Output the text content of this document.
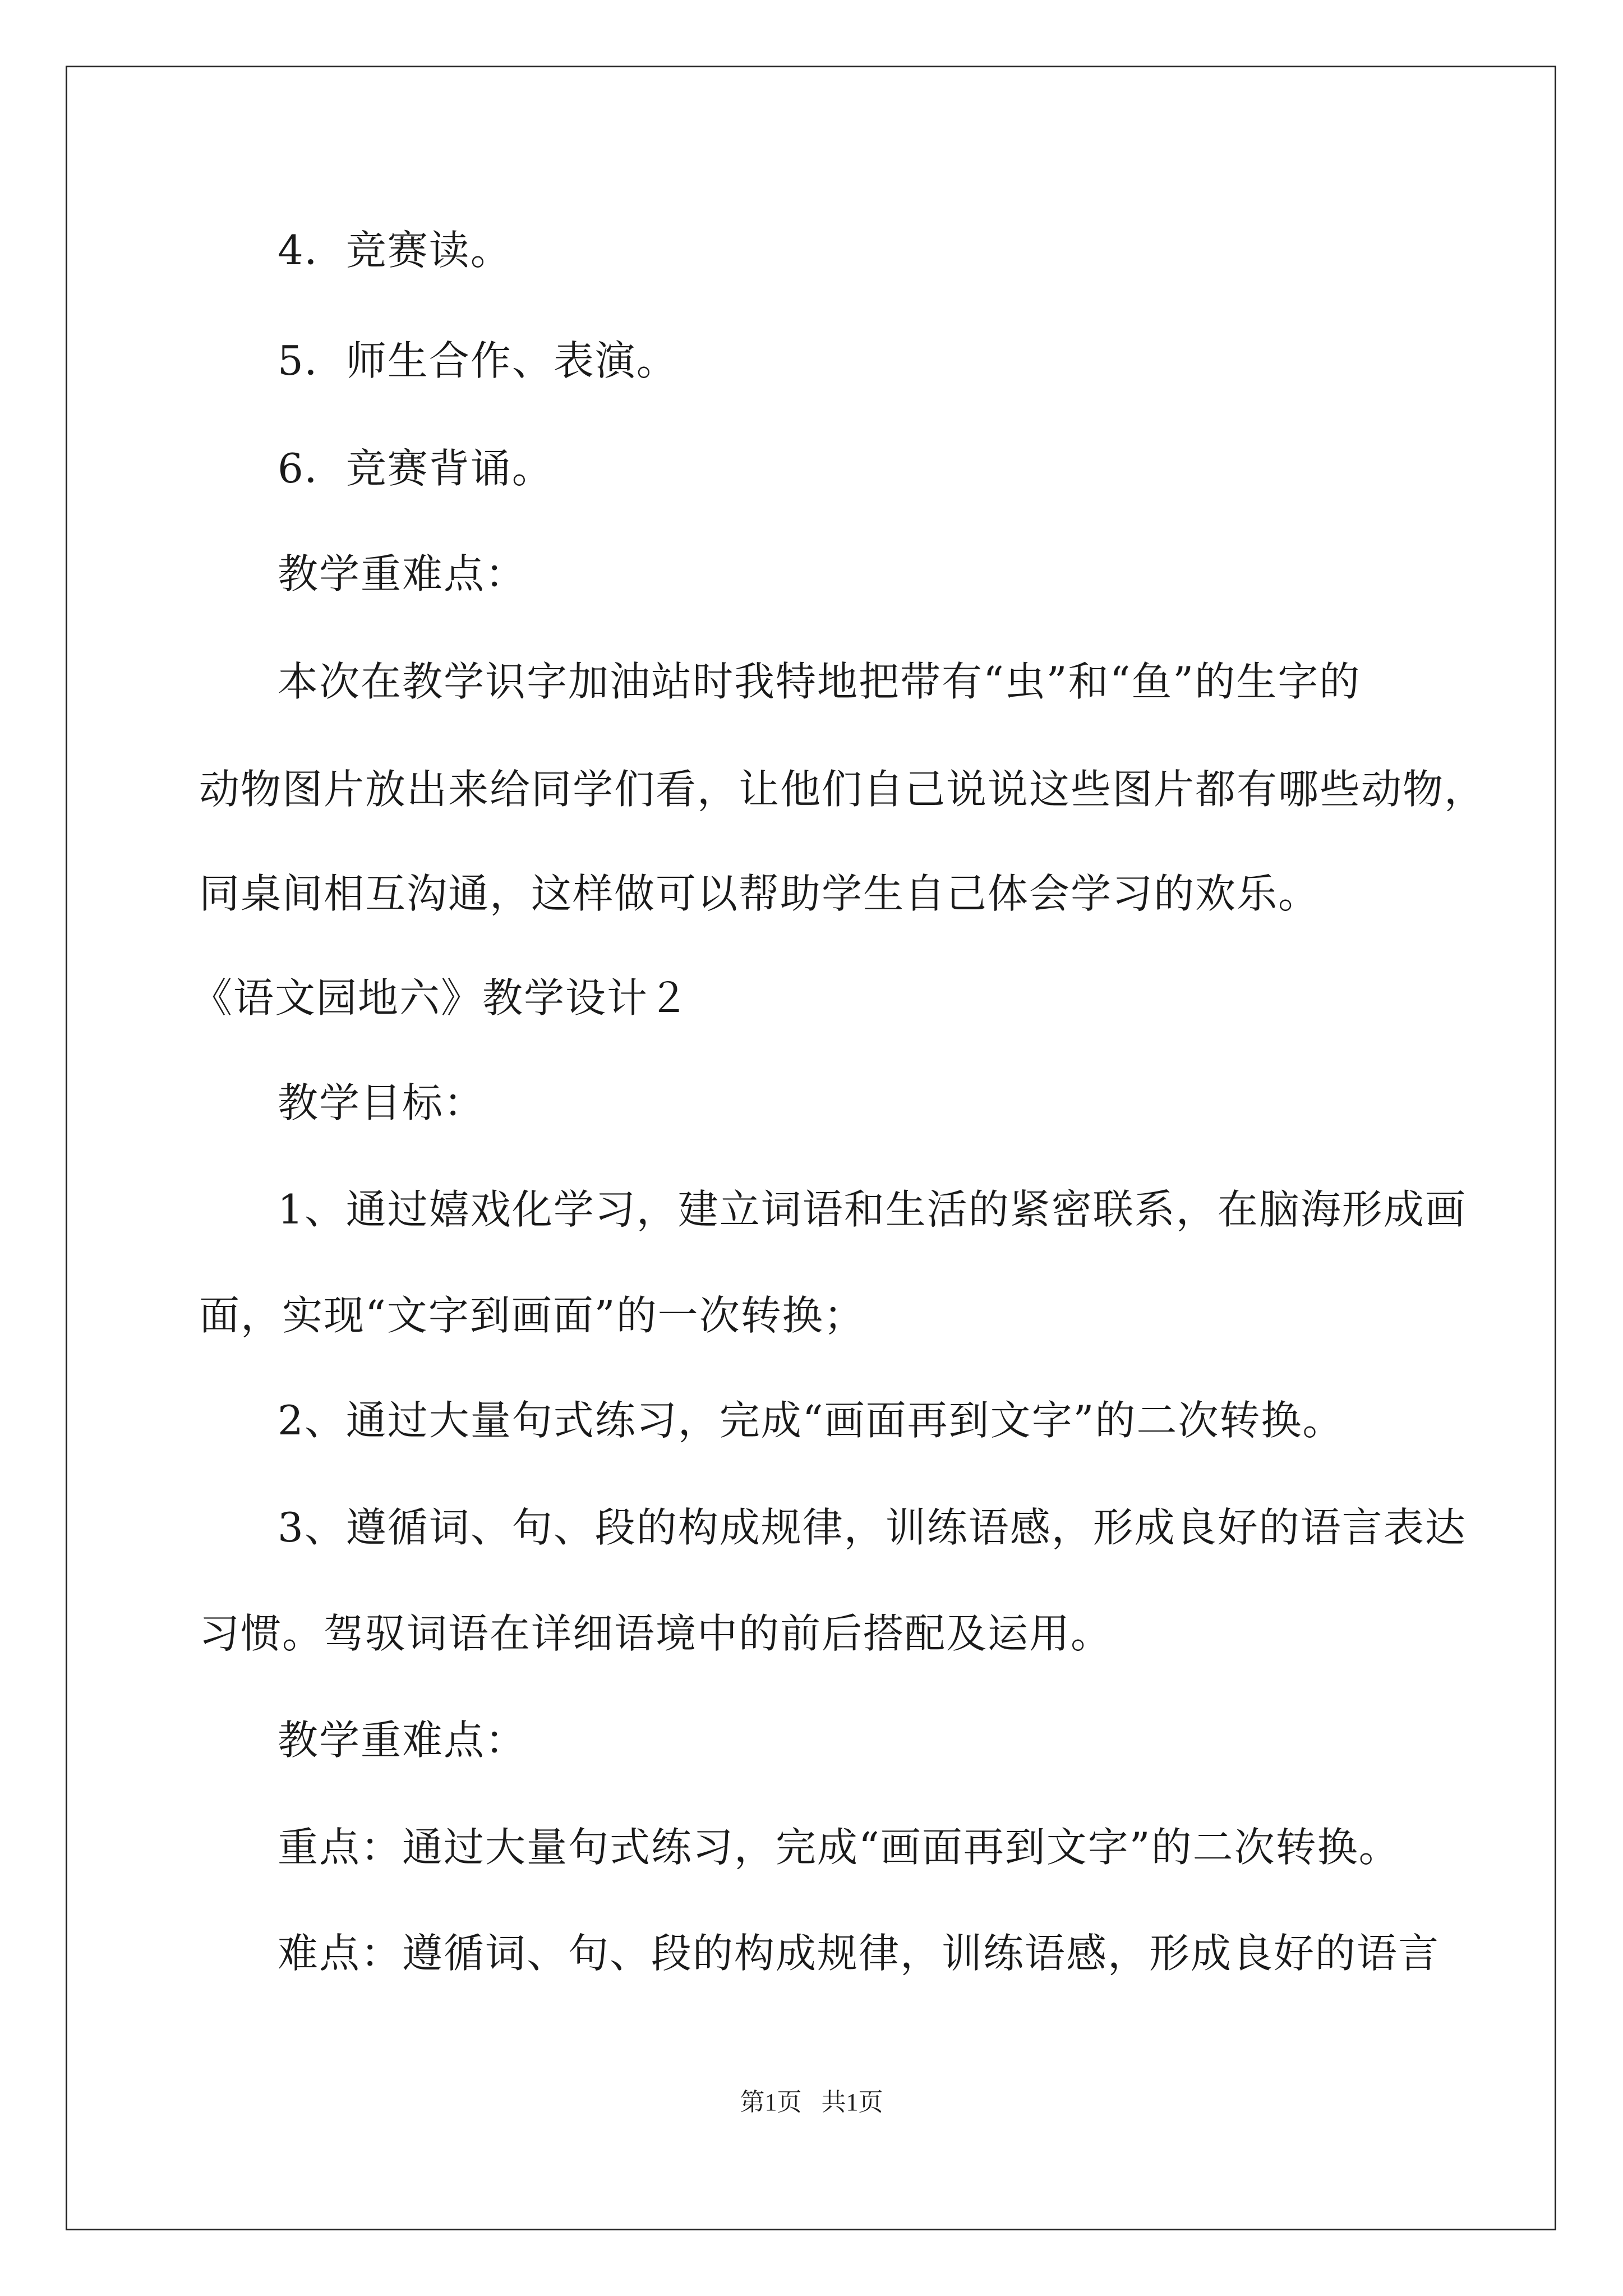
4．竞赛读。
5．师生合作、表演。
6．竞赛背诵。
教学重难点：
本次在教学识字加油站时我特地把带有“虫”和“鱼”的生字的
动物图片放出来给同学们看，让他们自己说说这些图片都有哪些动物，
同桌间相互沟通，这样做可以帮助学生自己体会学习的欢乐。
《语文园地六》教学设计２
教学目标：
1、通过嬉戏化学习，建立词语和生活的紧密联系，在脑海形成画
面，实现“文字到画面”的一次转换；
2、通过大量句式练习，完成“画面再到文字”的二次转换。
3、遵循词、句、段的构成规律，训练语感，形成良好的语言表达
习惯。驾驭词语在详细语境中的前后搭配及运用。
教学重难点：
重点：通过大量句式练习，完成“画面再到文字”的二次转换。
难点：遵循词、句、段的构成规律，训练语感，形成良好的语言
第1页 共1页
